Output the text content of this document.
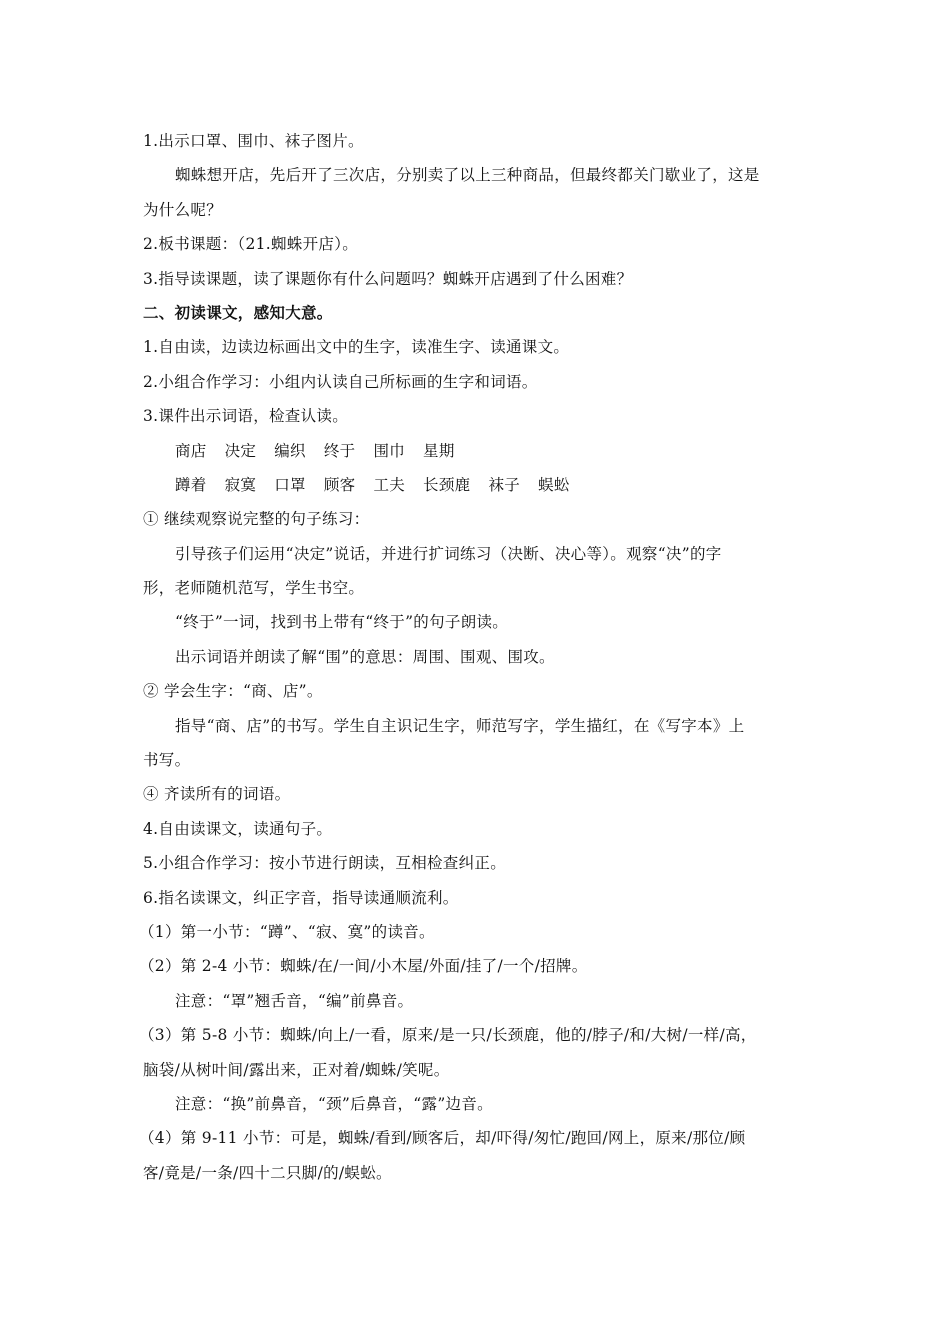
1.出示口罩、围巾、袜子图片。
蜘蛛想开店，先后开了三次店，分别卖了以上三种商品，但最终都关门歇业了，这是
为什么呢？
2.板书课题：（21.蜘蛛开店）。
3.指导读课题，读了课题你有什么问题吗？蜘蛛开店遇到了什么困难？
二、初读课文，感知大意。
1.自由读，边读边标画出文中的生字，读准生字、读通课文。
2.小组合作学习：小组内认读自己所标画的生字和词语。
3.课件出示词语，检查认读。
商店 决定 编织 终于 围巾 星期
蹲着 寂寞 口罩 顾客 工夫 长颈鹿 袜子 蜈蚣
① 继续观察说完整的句子练习：
引导孩子们运用“决定”说话，并进行扩词练习（决断、决心等）。观察“决”的字
形，老师随机范写，学生书空。
“终于”一词，找到书上带有“终于”的句子朗读。
出示词语并朗读了解“围”的意思：周围、围观、围攻。
② 学会生字：“商、店”。
指导“商、店”的书写。学生自主识记生字，师范写字，学生描红，在《写字本》上
书写。
④ 齐读所有的词语。
4.自由读课文，读通句子。
5.小组合作学习：按小节进行朗读，互相检查纠正。
6.指名读课文，纠正字音，指导读通顺流利。
（1）第一小节：“蹲”、“寂、寞”的读音。
（2）第 2-4 小节：蜘蛛/在/一间/小木屋/外面/挂了/一个/招牌。
注意：“罩”翘舌音，“编”前鼻音。
（3）第 5-8 小节：蜘蛛/向上/一看，原来/是一只/长颈鹿，他的/脖子/和/大树/一样/高，
脑袋/从树叶间/露出来，正对着/蜘蛛/笑呢。
注意：“换”前鼻音，“颈”后鼻音，“露”边音。
（4）第 9-11 小节：可是，蜘蛛/看到/顾客后，却/吓得/匆忙/跑回/网上，原来/那位/顾
客/竟是/一条/四十二只脚/的/蜈蚣。
